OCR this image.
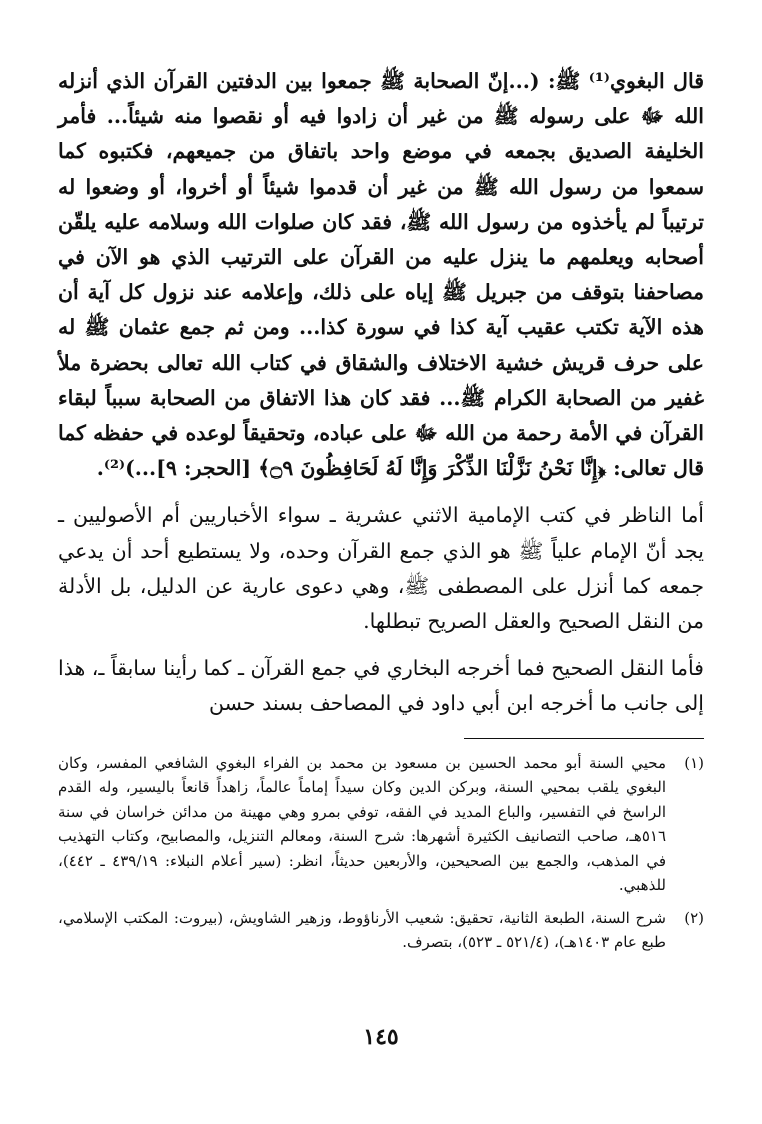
قال البغوي⁽¹⁾ ﷺ: (...إنّ الصحابة ﷺ جمعوا بين الدفتين القرآن الذي أنزله الله ﷻ على رسوله ﷺ من غير أن زادوا فيه أو نقصوا منه شيئاً... فأمر الخليفة الصديق بجمعه في موضع واحد باتفاق من جميعهم، فكتبوه كما سمعوا من رسول الله ﷺ من غير أن قدموا شيئاً أو أخروا، أو وضعوا له ترتيباً لم يأخذوه من رسول الله ﷺ، فقد كان صلوات الله وسلامه عليه يلقّن أصحابه ويعلمهم ما ينزل عليه من القرآن على الترتيب الذي هو الآن في مصاحفنا بتوقف من جبريل ﷺ إياه على ذلك، وإعلامه عند نزول كل آية أن هذه الآية تكتب عقيب آية كذا في سورة كذا... ومن ثم جمع عثمان ﷺ له على حرف قريش خشية الاختلاف والشقاق في كتاب الله تعالى بحضرة ملأ غفير من الصحابة الكرام ﷺ... فقد كان هذا الاتفاق من الصحابة سبباً لبقاء القرآن في الأمة رحمة من الله ﷻ على عباده، وتحقيقاً لوعده في حفظه كما قال تعالى: ﴿إِنَّا نَحْنُ نَزَّلْنَا الذِّكْرَ وَإِنَّا لَهُ لَحَافِظُونَ ۝٩﴾ [الحجر: ٩]...)⁽²⁾.

أما الناظر في كتب الإمامية الاثني عشرية ـ سواء الأخباريين أم الأصوليين ـ يجد أنّ الإمام علياً ﷺ هو الذي جمع القرآن وحده، ولا يستطيع أحد أن يدعي جمعه كما أنزل على المصطفى ﷺ، وهي دعوى عارية عن الدليل، بل الأدلة من النقل الصحيح والعقل الصريح تبطلها.

فأما النقل الصحيح فما أخرجه البخاري في جمع القرآن ـ كما رأينا سابقاً ـ، هذا إلى جانب ما أخرجه ابن أبي داود في المصاحف بسند حسن

(١)
محيي السنة أبو محمد الحسين بن مسعود بن محمد بن الفراء البغوي الشافعي المفسر، وكان البغوي يلقب بمحيي السنة، وبركن الدين وكان سيداً إماماً عالماً، زاهداً قانعاً باليسير، وله القدم الراسخ في التفسير، والباع المديد في الفقه، توفي بمرو وهي مهينة من مدائن خراسان في سنة ٥١٦هـ، صاحب التصانيف الكثيرة أشهرها: شرح السنة، ومعالم التنزيل، والمصابيح، وكتاب التهذيب في المذهب، والجمع بين الصحيحين، والأربعين حديثاً، انظر: (سير أعلام النبلاء: ٤٣٩/١٩ ـ ٤٤٢)، للذهبي.
(٢)
شرح السنة، الطبعة الثانية، تحقيق: شعيب الأرناؤوط، وزهير الشاويش، (بيروت: المكتب الإسلامي، طبع عام ١٤٠٣هـ)، (٥٢١/٤ ـ ٥٢٣)، بتصرف.
١٤٥
